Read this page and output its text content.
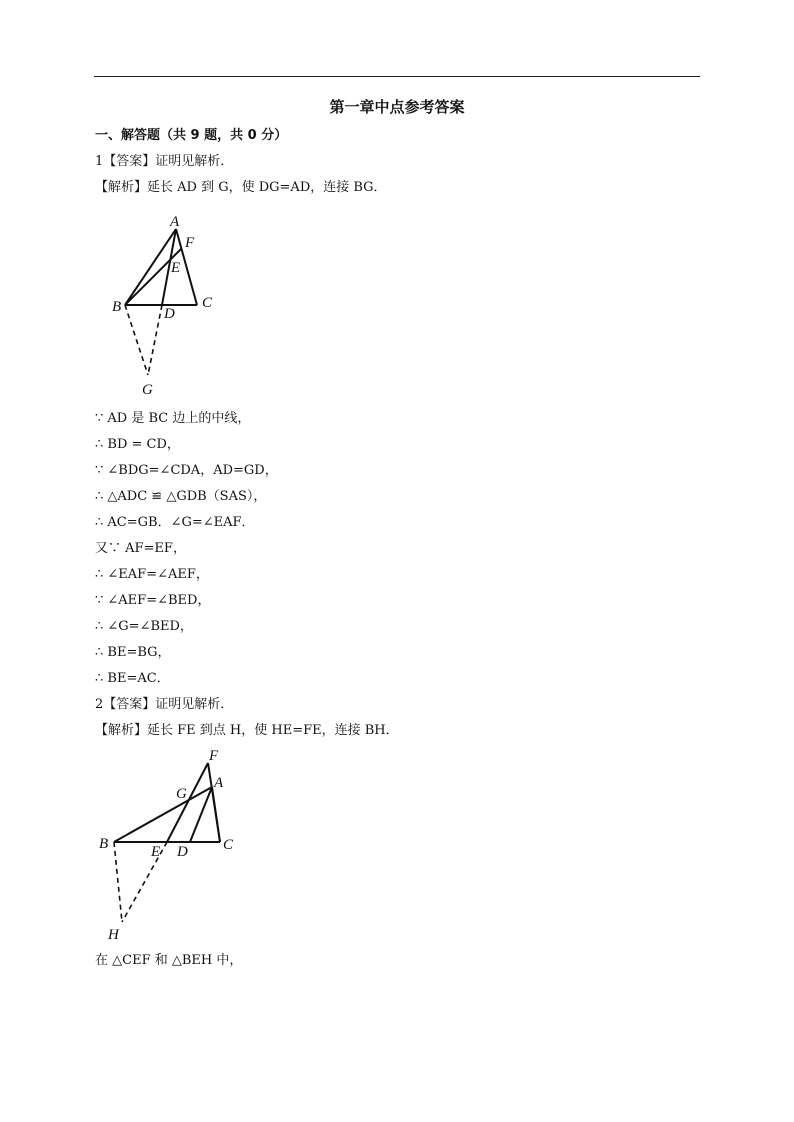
第一章中点参考答案
一、解答题（共 9 题，共 0 分）
1【答案】证明见解析．
【解析】延长 AD 到 G，使 DG=AD，连接 BG．
A
F
E
B	D
C
G
∵ AD 是 BC 边上的中线，
∴ BD = CD，
∵ ∠BDG=∠CDA，AD=GD，
∴ △ADC ≌ △GDB（SAS），
∴ AC=GB．∠G=∠EAF．
又∵ AF=EF，
∴ ∠EAF=∠AEF，
∵ ∠AEF=∠BED，
∴ ∠G=∠BED，
∴ BE=BG，
∴ BE=AC．
2【答案】证明见解析．
【解析】延长 FE 到点 H，使 HE=FE，连接 BH．
F
G
A
B	E D C
H
在 △CEF 和 △BEH 中，
